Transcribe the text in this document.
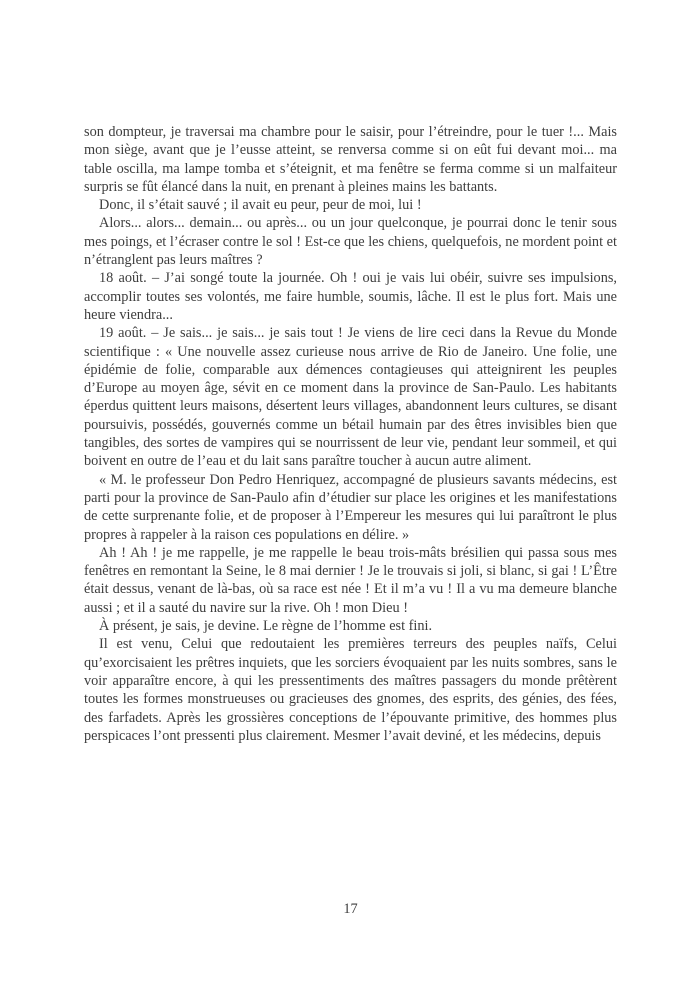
son dompteur, je traversai ma chambre pour le saisir, pour l’étreindre, pour le tuer !... Mais mon siège, avant que je l’eusse atteint, se renversa comme si on eût fui devant moi... ma table oscilla, ma lampe tomba et s’éteignit, et ma fenêtre se ferma comme si un malfaiteur surpris se fût élancé dans la nuit, en prenant à pleines mains les battants.

Donc, il s’était sauvé ; il avait eu peur, peur de moi, lui !

Alors... alors... demain... ou après... ou un jour quelconque, je pourrai donc le tenir sous mes poings, et l’écraser contre le sol ! Est-ce que les chiens, quelquefois, ne mordent point et n’étranglent pas leurs maîtres ?

18 août. – J’ai songé toute la journée. Oh ! oui je vais lui obéir, suivre ses impulsions, accomplir toutes ses volontés, me faire humble, soumis, lâche. Il est le plus fort. Mais une heure viendra...

19 août. – Je sais... je sais... je sais tout ! Je viens de lire ceci dans la Revue du Monde scientifique : « Une nouvelle assez curieuse nous arrive de Rio de Janeiro. Une folie, une épidémie de folie, comparable aux démences contagieuses qui atteignirent les peuples d’Europe au moyen âge, sévit en ce moment dans la province de San-Paulo. Les habitants éperdus quittent leurs maisons, désertent leurs villages, abandonnent leurs cultures, se disant poursuivis, possédés, gouvernés comme un bétail humain par des êtres invisibles bien que tangibles, des sortes de vampires qui se nourrissent de leur vie, pendant leur sommeil, et qui boivent en outre de l’eau et du lait sans paraître toucher à aucun autre aliment.

« M. le professeur Don Pedro Henriquez, accompagné de plusieurs savants médecins, est parti pour la province de San-Paulo afin d’étudier sur place les origines et les manifestations de cette surprenante folie, et de proposer à l’Empereur les mesures qui lui paraîtront le plus propres à rappeler à la raison ces populations en délire. »

Ah ! Ah ! je me rappelle, je me rappelle le beau trois-mâts brésilien qui passa sous mes fenêtres en remontant la Seine, le 8 mai dernier ! Je le trouvais si joli, si blanc, si gai ! L’Être était dessus, venant de là-bas, où sa race est née ! Et il m’a vu ! Il a vu ma demeure blanche aussi ; et il a sauté du navire sur la rive. Oh ! mon Dieu !

À présent, je sais, je devine. Le règne de l’homme est fini.

Il est venu, Celui que redoutaient les premières terreurs des peuples naïfs, Celui qu’exorcisaient les prêtres inquiets, que les sorciers évoquaient par les nuits sombres, sans le voir apparaître encore, à qui les pressentiments des maîtres passagers du monde prêtèrent toutes les formes monstrueuses ou gracieuses des gnomes, des esprits, des génies, des fées, des farfadets. Après les grossières conceptions de l’épouvante primitive, des hommes plus perspicaces l’ont pressenti plus clairement. Mesmer l’avait deviné, et les médecins, depuis

17
